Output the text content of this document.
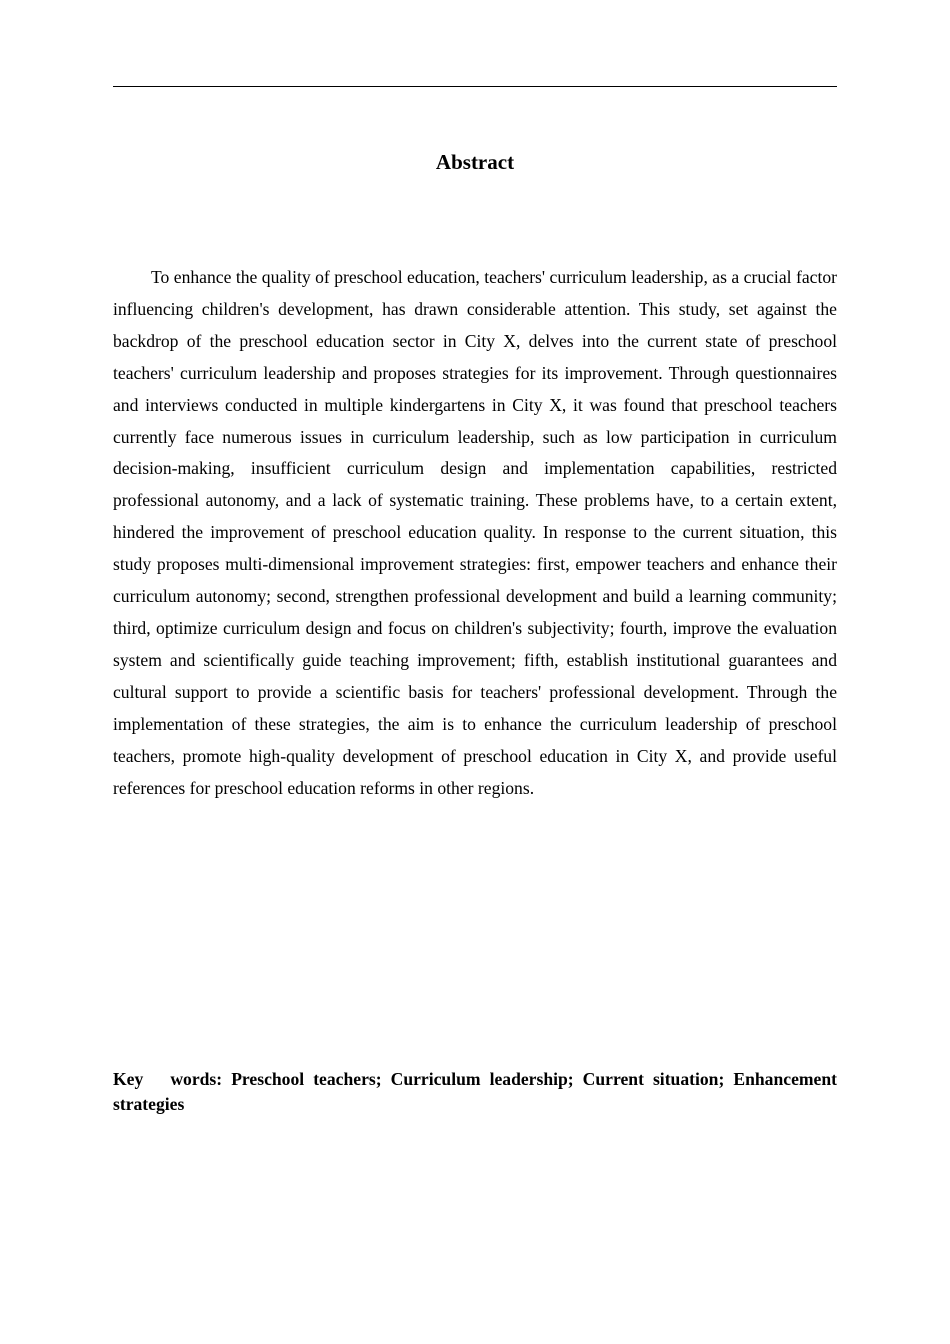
Abstract

To enhance the quality of preschool education, teachers' curriculum leadership, as a crucial factor influencing children's development, has drawn considerable attention. This study, set against the backdrop of the preschool education sector in City X, delves into the current state of preschool teachers' curriculum leadership and proposes strategies for its improvement. Through questionnaires and interviews conducted in multiple kindergartens in City X, it was found that preschool teachers currently face numerous issues in curriculum leadership, such as low participation in curriculum decision-making, insufficient curriculum design and implementation capabilities, restricted professional autonomy, and a lack of systematic training. These problems have, to a certain extent, hindered the improvement of preschool education quality. In response to the current situation, this study proposes multi-dimensional improvement strategies: first, empower teachers and enhance their curriculum autonomy; second, strengthen professional development and build a learning community; third, optimize curriculum design and focus on children's subjectivity; fourth, improve the evaluation system and scientifically guide teaching improvement; fifth, establish institutional guarantees and cultural support to provide a scientific basis for teachers' professional development. Through the implementation of these strategies, the aim is to enhance the curriculum leadership of preschool teachers, promote high-quality development of preschool education in City X, and provide useful references for preschool education reforms in other regions.

Key words: Preschool teachers; Curriculum leadership; Current situation; Enhancement strategies
